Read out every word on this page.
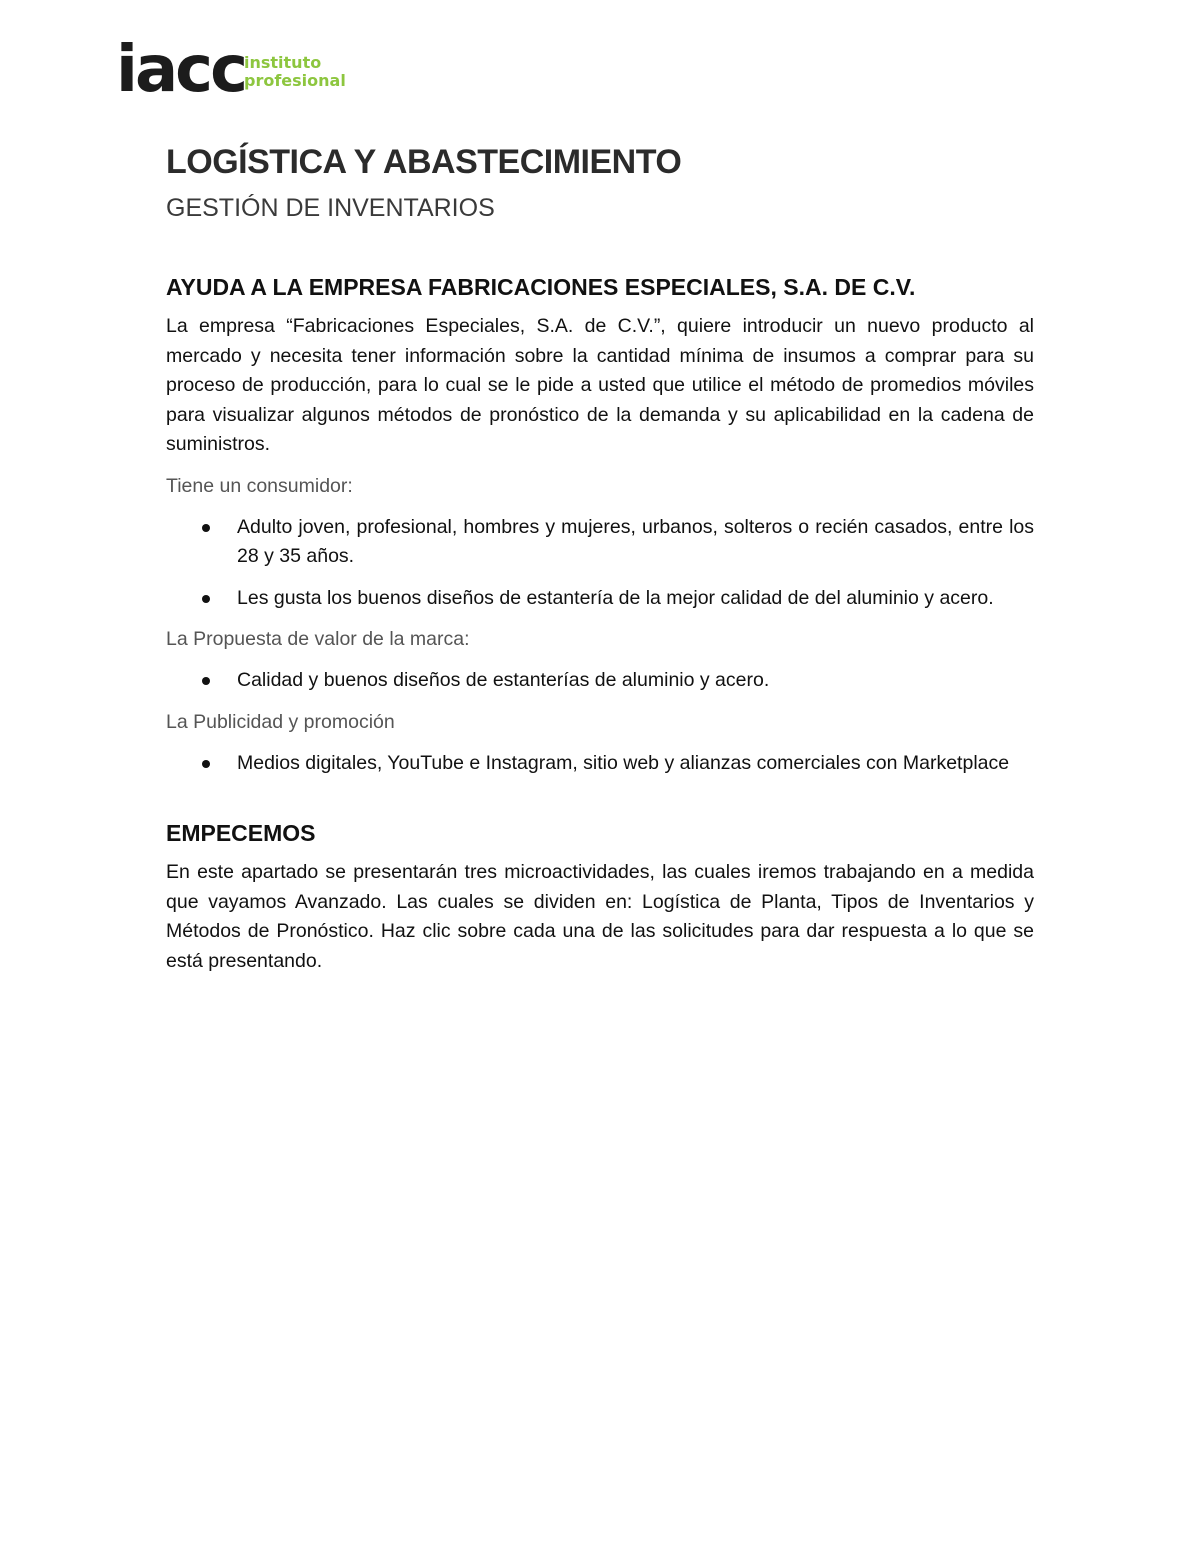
iacc instituto
profesional
LOGÍSTICA Y ABASTECIMIENTO
GESTIÓN DE INVENTARIOS
AYUDA A LA EMPRESA FABRICACIONES ESPECIALES, S.A. DE C.V.

La empresa “Fabricaciones Especiales, S.A. de C.V.”, quiere introducir un nuevo producto al mercado y necesita tener información sobre la cantidad mínima de insumos a comprar para su proceso de producción, para lo cual se le pide a usted que utilice el método de promedios móviles para visualizar algunos métodos de pronóstico de la demanda y su aplicabilidad en la cadena de suministros.

Tiene un consumidor:

Adulto joven, profesional, hombres y mujeres, urbanos, solteros o recién casados, entre los 28 y 35 años.
Les gusta los buenos diseños de estantería de la mejor calidad de del aluminio y acero.

La Propuesta de valor de la marca:

Calidad y buenos diseños de estanterías de aluminio y acero.

La Publicidad y promoción

Medios digitales, YouTube e Instagram, sitio web y alianzas comerciales con Marketplace
EMPECEMOS

En este apartado se presentarán tres microactividades, las cuales iremos trabajando en a medida que vayamos Avanzado. Las cuales se dividen en: Logística de Planta, Tipos de Inventarios y Métodos de Pronóstico. Haz clic sobre cada una de las solicitudes para dar respuesta a lo que se está presentando.
